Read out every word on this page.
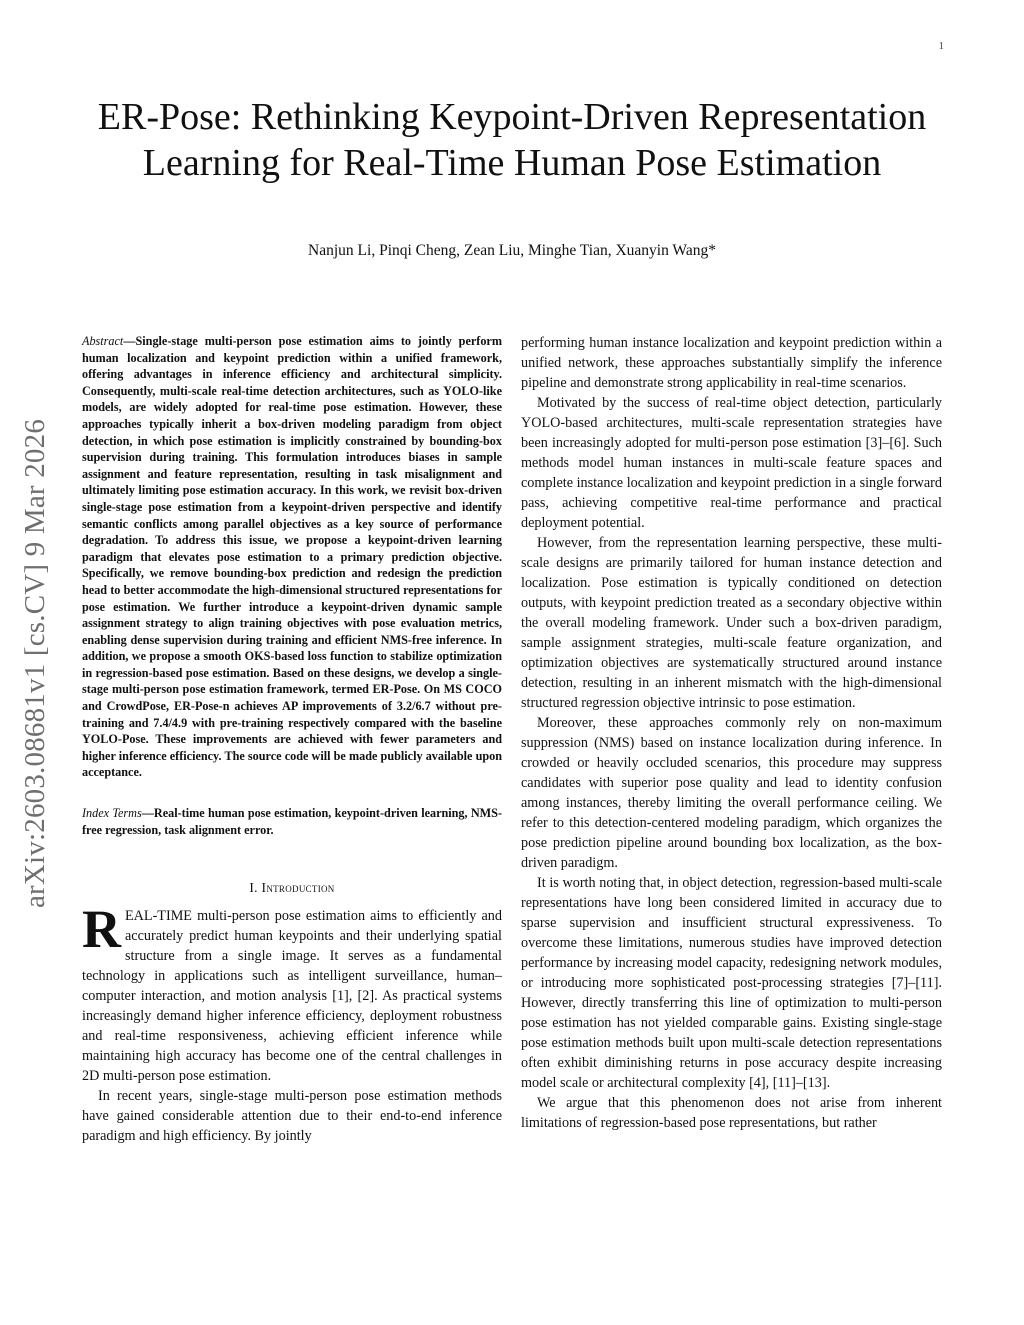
1
arXiv:2603.08681v1 [cs.CV] 9 Mar 2026
ER-Pose: Rethinking Keypoint-Driven Representation Learning for Real-Time Human Pose Estimation
Nanjun Li, Pinqi Cheng, Zean Liu, Minghe Tian, Xuanyin Wang*

Abstract—Single-stage multi-person pose estimation aims to jointly perform human localization and keypoint prediction within a unified framework, offering advantages in inference efficiency and architectural simplicity. Consequently, multi-scale real-time detection architectures, such as YOLO-like models, are widely adopted for real-time pose estimation. However, these approaches typically inherit a box-driven modeling paradigm from object detection, in which pose estimation is implicitly constrained by bounding-box supervision during training. This formulation introduces biases in sample assignment and feature representation, resulting in task misalignment and ultimately limiting pose estimation accuracy. In this work, we revisit box-driven single-stage pose estimation from a keypoint-driven perspective and identify semantic conflicts among parallel objectives as a key source of performance degradation. To address this issue, we propose a keypoint-driven learning paradigm that elevates pose estimation to a primary prediction objective. Specifically, we remove bounding-box prediction and redesign the prediction head to better accommodate the high-dimensional structured representations for pose estimation. We further introduce a keypoint-driven dynamic sample assignment strategy to align training objectives with pose evaluation metrics, enabling dense supervision during training and efficient NMS-free inference. In addition, we propose a smooth OKS-based loss function to stabilize optimization in regression-based pose estimation. Based on these designs, we develop a single-stage multi-person pose estimation framework, termed ER-Pose. On MS COCO and CrowdPose, ER-Pose-n achieves AP improvements of 3.2/6.7 without pre-training and 7.4/4.9 with pre-training respectively compared with the baseline YOLO-Pose. These improvements are achieved with fewer parameters and higher inference efficiency. The source code will be made publicly available upon acceptance.

Index Terms—Real-time human pose estimation, keypoint-driven learning, NMS-free regression, task alignment error.

I. Introduction

REAL-TIME multi-person pose estimation aims to efficiently and accurately predict human keypoints and their underlying spatial structure from a single image. It serves as a fundamental technology in applications such as intelligent surveillance, human–computer interaction, and motion analysis [1], [2]. As practical systems increasingly demand higher inference efficiency, deployment robustness and real-time responsiveness, achieving efficient inference while maintaining high accuracy has become one of the central challenges in 2D multi-person pose estimation.

In recent years, single-stage multi-person pose estimation methods have gained considerable attention due to their end-to-end inference paradigm and high efficiency. By jointly

performing human instance localization and keypoint prediction within a unified network, these approaches substantially simplify the inference pipeline and demonstrate strong applicability in real-time scenarios.

Motivated by the success of real-time object detection, particularly YOLO-based architectures, multi-scale representation strategies have been increasingly adopted for multi-person pose estimation [3]–[6]. Such methods model human instances in multi-scale feature spaces and complete instance localization and keypoint prediction in a single forward pass, achieving competitive real-time performance and practical deployment potential.

However, from the representation learning perspective, these multi-scale designs are primarily tailored for human instance detection and localization. Pose estimation is typically conditioned on detection outputs, with keypoint prediction treated as a secondary objective within the overall modeling framework. Under such a box-driven paradigm, sample assignment strategies, multi-scale feature organization, and optimization objectives are systematically structured around instance detection, resulting in an inherent mismatch with the high-dimensional structured regression objective intrinsic to pose estimation.

Moreover, these approaches commonly rely on non-maximum suppression (NMS) based on instance localization during inference. In crowded or heavily occluded scenarios, this procedure may suppress candidates with superior pose quality and lead to identity confusion among instances, thereby limiting the overall performance ceiling. We refer to this detection-centered modeling paradigm, which organizes the pose prediction pipeline around bounding box localization, as the box-driven paradigm.

It is worth noting that, in object detection, regression-based multi-scale representations have long been considered limited in accuracy due to sparse supervision and insufficient structural expressiveness. To overcome these limitations, numerous studies have improved detection performance by increasing model capacity, redesigning network modules, or introducing more sophisticated post-processing strategies [7]–[11]. However, directly transferring this line of optimization to multi-person pose estimation has not yielded comparable gains. Existing single-stage pose estimation methods built upon multi-scale detection representations often exhibit diminishing returns in pose accuracy despite increasing model scale or architectural complexity [4], [11]–[13].

We argue that this phenomenon does not arise from inherent limitations of regression-based pose representations, but rather
